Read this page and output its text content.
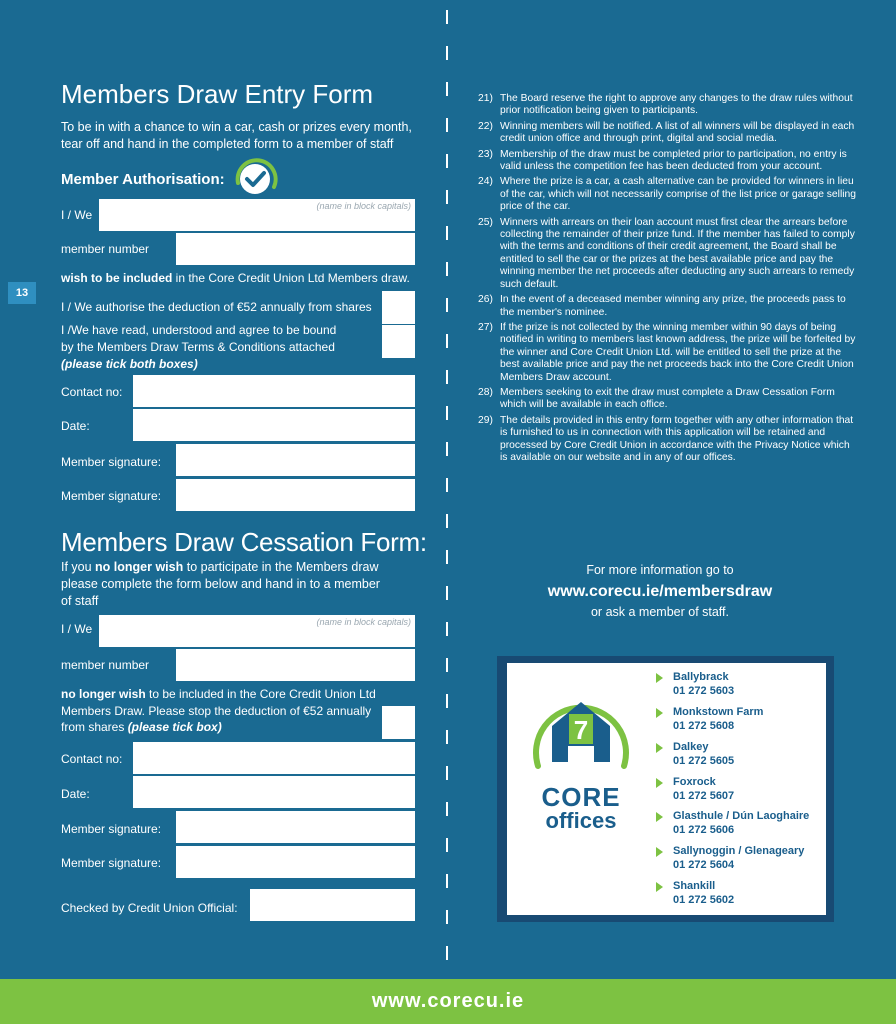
13
Members Draw Entry Form
To be in with a chance to win a car, cash or prizes every month, tear off and hand in the completed form to a member of staff
Member Authorisation:
I / We
(name in block capitals)
member number
wish to be included in the Core Credit Union Ltd Members draw.
I / We authorise the deduction of €52 annually from shares
I /We have read, understood and agree to be bound
by the Members Draw Terms & Conditions attached
(please tick both boxes)
Contact no:
Date:
Member signature:
Member signature:
Members Draw Cessation Form:
If you no longer wish to participate in the Members draw
please complete the form below and hand in to a member
of staff
I / We	(name in block capitals)
member number
no longer wish to be included in the Core Credit Union Ltd
Members Draw. Please stop the deduction of €52 annually
from shares (please tick box)
Contact no:
Date:
Member signature:
Member signature:
Checked by Credit Union Official:
21) The Board reserve the right to approve any changes to the draw rules without prior notification being given to participants.
22) Winning members will be notified. A list of all winners will be displayed in each credit union office and through print, digital and social media.
23) Membership of the draw must be completed prior to participation, no entry is valid unless the competition fee has been deducted from your account.
24) Where the prize is a car, a cash alternative can be provided for winners in lieu of the car, which will not necessarily comprise of the list price or garage selling price of the car.
25) Winners with arrears on their loan account must first clear the arrears before collecting the remainder of their prize fund. If the member has failed to comply with the terms and conditions of their credit agreement, the Board shall be entitled to sell the car or the prizes at the best available price and pay the winning member the net proceeds after deducting any such arrears to remedy such default.
26) In the event of a deceased member winning any prize, the proceeds pass to the member's nominee.
27) If the prize is not collected by the winning member within 90 days of being notified in writing to members last known address, the prize will be forfeited by the winner and Core Credit Union Ltd. will be entitled to sell the prize at the best available price and pay the net proceeds back into the Core Credit Union Members Draw account.
28) Members seeking to exit the draw must complete a Draw Cessation Form which will be available in each office.
29) The details provided in this entry form together with any other information that is furnished to us in connection with this application will be retained and processed by Core Credit Union in accordance with the Privacy Notice which is available on our website and in any of our offices.
For more information go to
www.corecu.ie/membersdraw
or ask a member of staff.
7
CORE
offices
Ballybrack
01 272 5603
Monkstown Farm
01 272 5608
Dalkey
01 272 5605
Foxrock
01 272 5607
Glasthule / Dún Laoghaire
01 272 5606
Sallynoggin / Glenageary
01 272 5604
Shankill
01 272 5602
www.corecu.ie
